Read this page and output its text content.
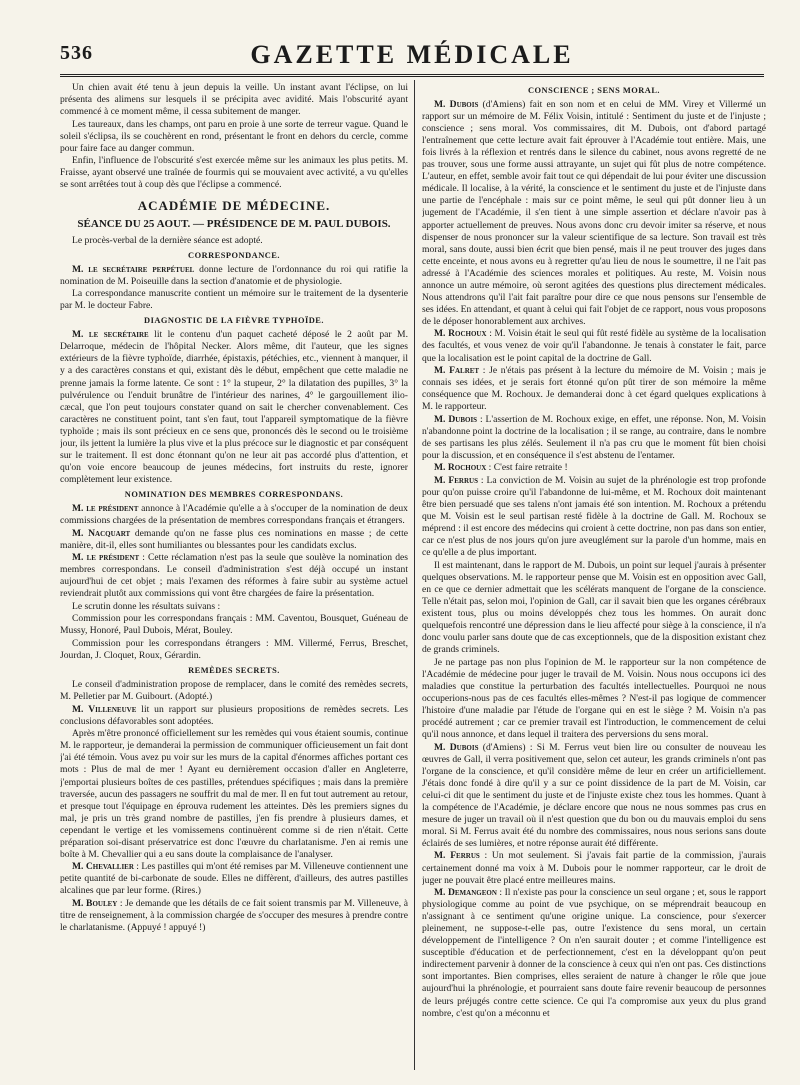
536	GAZETTE MÉDICALE

Un chien avait été tenu à jeun depuis la veille. Un instant avant l'éclipse, on lui présenta des alimens sur lesquels il se précipita avec avidité. Mais l'obscurité ayant commencé à ce moment même, il cessa subitement de manger.

Les taureaux, dans les champs, ont paru en proie à une sorte de terreur vague. Quand le soleil s'éclipsa, ils se couchèrent en rond, présentant le front en dehors du cercle, comme pour faire face au danger commun.

Enfin, l'influence de l'obscurité s'est exercée même sur les animaux les plus petits. M. Fraisse, ayant observé une traînée de fourmis qui se mouvaient avec activité, a vu qu'elles se sont arrêtées tout à coup dès que l'éclipse a commencé.

ACADÉMIE DE MÉDECINE.
SÉANCE DU 25 AOUT. — PRÉSIDENCE DE M. PAUL DUBOIS.

Le procès-verbal de la dernière séance est adopté.

CORRESPONDANCE.

M. le secrétaire perpétuel donne lecture de l'ordonnance du roi qui ratifie la nomination de M. Poiseuille dans la section d'anatomie et de physiologie.

La correspondance manuscrite contient un mémoire sur le traitement de la dysenterie par M. le docteur Fabre.

DIAGNOSTIC DE LA FIÈVRE TYPHOÏDE.

M. le secrétaire lit le contenu d'un paquet cacheté déposé le 2 août par M. Delarroque, médecin de l'hôpital Necker. Alors même, dit l'auteur, que les signes extérieurs de la fièvre typhoïde, diarrhée, épistaxis, pétéchies, etc., viennent à manquer, il y a des caractères constans et qui, existant dès le début, empêchent que cette maladie ne prenne jamais la forme latente. Ce sont : 1° la stupeur, 2° la dilatation des pupilles, 3° la pulvérulence ou l'enduit brunâtre de l'intérieur des narines, 4° le gargouillement ilio-cæcal, que l'on peut toujours constater quand on sait le chercher convenablement. Ces caractères ne constituent point, tant s'en faut, tout l'appareil symptomatique de la fièvre typhoïde ; mais ils sont précieux en ce sens que, prononcés dès le second ou le troisième jour, ils jettent la lumière la plus vive et la plus précoce sur le diagnostic et par conséquent sur le traitement. Il est donc étonnant qu'on ne leur ait pas accordé plus d'attention, et qu'on voie encore beaucoup de jeunes médecins, fort instruits du reste, ignorer complètement leur existence.

NOMINATION DES MEMBRES CORRESPONDANS.

M. le président annonce à l'Académie qu'elle a à s'occuper de la nomination de deux commissions chargées de la présentation de membres correspondans français et étrangers.

M. Nacquart demande qu'on ne fasse plus ces nominations en masse ; de cette manière, dit-il, elles sont humiliantes ou blessantes pour les candidats exclus.

M. le président : Cette réclamation n'est pas la seule que soulève la nomination des membres correspondans. Le conseil d'administration s'est déjà occupé un instant aujourd'hui de cet objet ; mais l'examen des réformes à faire subir au système actuel reviendrait plutôt aux commissions qui vont être chargées de faire la présentation.

Le scrutin donne les résultats suivans :

Commission pour les correspondans français : MM. Caventou, Bousquet, Guéneau de Mussy, Honoré, Paul Dubois, Mérat, Bouley.

Commission pour les correspondans étrangers : MM. Villermé, Ferrus, Breschet, Jourdan, J. Cloquet, Roux, Gérardin.

REMÈDES SECRETS.

Le conseil d'administration propose de remplacer, dans le comité des remèdes secrets, M. Pelletier par M. Guibourt. (Adopté.)

M. Villeneuve lit un rapport sur plusieurs propositions de remèdes secrets. Les conclusions défavorables sont adoptées.

Après m'être prononcé officiellement sur les remèdes qui vous étaient soumis, continue M. le rapporteur, je demanderai la permission de communiquer officieusement un fait dont j'ai été témoin. Vous avez pu voir sur les murs de la capital d'énormes affiches portant ces mots : Plus de mal de mer ! Ayant eu dernièrement occasion d'aller en Angleterre, j'emportai plusieurs boîtes de ces pastilles, prétendues spécifiques ; mais dans la première traversée, aucun des passagers ne souffrit du mal de mer. Il en fut tout autrement au retour, et presque tout l'équipage en éprouva rudement les atteintes. Dès les premiers signes du mal, je pris un très grand nombre de pastilles, j'en fis prendre à plusieurs dames, et cependant le vertige et les vomissemens continuèrent comme si de rien n'était. Cette préparation soi-disant préservatrice est donc l'œuvre du charlatanisme. J'en ai remis une boîte à M. Chevallier qui a eu sans doute la complaisance de l'analyser.

M. Chevallier : Les pastilles qui m'ont été remises par M. Villeneuve contiennent une petite quantité de bi-carbonate de soude. Elles ne diffèrent, d'ailleurs, des autres pastilles alcalines que par leur forme. (Rires.)

M. Bouley : Je demande que les détails de ce fait soient transmis par M. Villeneuve, à titre de renseignement, à la commission chargée de s'occuper des mesures à prendre contre le charlatanisme. (Appuyé ! appuyé !)

CONSCIENCE ; SENS MORAL.

M. Dubois (d'Amiens) fait en son nom et en celui de MM. Virey et Villermé un rapport sur un mémoire de M. Félix Voisin, intitulé : Sentiment du juste et de l'injuste ; conscience ; sens moral. Vos commissaires, dit M. Dubois, ont d'abord partagé l'entraînement que cette lecture avait fait éprouver à l'Académie tout entière. Mais, une fois livrés à la réflexion et rentrés dans le silence du cabinet, nous avons regretté de ne pas trouver, sous une forme aussi attrayante, un sujet qui fût plus de notre compétence. L'auteur, en effet, semble avoir fait tout ce qui dépendait de lui pour éviter une discussion médicale. Il localise, à la vérité, la conscience et le sentiment du juste et de l'injuste dans une partie de l'encéphale : mais sur ce point même, le seul qui pût donner lieu à un jugement de l'Académie, il s'en tient à une simple assertion et déclare n'avoir pas à apporter actuellement de preuves. Nous avons donc cru devoir imiter sa réserve, et nous dispenser de nous prononcer sur la valeur scientifique de sa lecture. Son travail est très moral, sans doute, aussi bien écrit que bien pensé, mais il ne peut trouver des juges dans cette enceinte, et nous avons eu à regretter qu'au lieu de nous le soumettre, il ne l'ait pas adressé à l'Académie des sciences morales et politiques. Au reste, M. Voisin nous annonce un autre mémoire, où seront agitées des questions plus directement médicales. Nous attendrons qu'il l'ait fait paraître pour dire ce que nous pensons sur l'ensemble de ses idées. En attendant, et quant à celui qui fait l'objet de ce rapport, nous vous proposons de le déposer honorablement aux archives.

M. Rochoux : M. Voisin était le seul qui fût resté fidèle au système de la localisation des facultés, et vous venez de voir qu'il l'abandonne. Je tenais à constater le fait, parce que la localisation est le point capital de la doctrine de Gall.

M. Falret : Je n'étais pas présent à la lecture du mémoire de M. Voisin ; mais je connais ses idées, et je serais fort étonné qu'on pût tirer de son mémoire la même conséquence que M. Rochoux. Je demanderai donc à cet égard quelques explications à M. le rapporteur.

M. Dubois : L'assertion de M. Rochoux exige, en effet, une réponse. Non, M. Voisin n'abandonne point la doctrine de la localisation ; il se range, au contraire, dans le nombre de ses partisans les plus zélés. Seulement il n'a pas cru que le moment fût bien choisi pour la discussion, et en conséquence il s'est abstenu de l'entamer.

M. Rochoux : C'est faire retraite !

M. Ferrus : La conviction de M. Voisin au sujet de la phrénologie est trop profonde pour qu'on puisse croire qu'il l'abandonne de lui-même, et M. Rochoux doit maintenant être bien persuadé que ses talens n'ont jamais été son intention. M. Rochoux a prétendu que M. Voisin est le seul partisan resté fidèle à la doctrine de Gall. M. Rochoux se méprend : il est encore des médecins qui croient à cette doctrine, non pas dans son entier, car ce n'est plus de nos jours qu'on jure aveuglément sur la parole d'un homme, mais en ce qu'elle a de plus important.

Il est maintenant, dans le rapport de M. Dubois, un point sur lequel j'aurais à présenter quelques observations. M. le rapporteur pense que M. Voisin est en opposition avec Gall, en ce que ce dernier admettait que les scélérats manquent de l'organe de la conscience. Telle n'était pas, selon moi, l'opinion de Gall, car il savait bien que les organes cérébraux existent tous, plus ou moins développés chez tous les hommes. On aurait donc quelquefois rencontré une dépression dans le lieu affecté pour siège à la conscience, il n'a donc voulu parler sans doute que de cas exceptionnels, que de la disposition existant chez de grands criminels.

Je ne partage pas non plus l'opinion de M. le rapporteur sur la non compétence de l'Académie de médecine pour juger le travail de M. Voisin. Nous nous occupons ici des maladies que constitue la perturbation des facultés intellectuelles. Pourquoi ne nous occuperions-nous pas de ces facultés elles-mêmes ? N'est-il pas logique de commencer l'histoire d'une maladie par l'étude de l'organe qui en est le siège ? M. Voisin n'a pas procédé autrement ; car ce premier travail est l'introduction, le commencement de celui qu'il nous annonce, et dans lequel il traitera des perversions du sens moral.

M. Dubois (d'Amiens) : Si M. Ferrus veut bien lire ou consulter de nouveau les œuvres de Gall, il verra positivement que, selon cet auteur, les grands criminels n'ont pas l'organe de la conscience, et qu'il considère même de leur en créer un artificiellement. J'étais donc fondé à dire qu'il y a sur ce point dissidence de la part de M. Voisin, car celui-ci dit que le sentiment du juste et de l'injuste existe chez tous les hommes. Quant à la compétence de l'Académie, je déclare encore que nous ne nous sommes pas crus en mesure de juger un travail où il n'est question que du bon ou du mauvais emploi du sens moral. Si M. Ferrus avait été du nombre des commissaires, nous nous serions sans doute éclairés de ses lumières, et notre réponse aurait été différente.

M. Ferrus : Un mot seulement. Si j'avais fait partie de la commission, j'aurais certainement donné ma voix à M. Dubois pour le nommer rapporteur, car le droit de juger ne pouvait être placé entre meilleures mains.

M. Demangeon : Il n'existe pas pour la conscience un seul organe ; et, sous le rapport physiologique comme au point de vue psychique, on se méprendrait beaucoup en n'assignant à ce sentiment qu'une origine unique. La conscience, pour s'exercer pleinement, ne suppose-t-elle pas, outre l'existence du sens moral, un certain développement de l'intelligence ? On n'en saurait douter ; et comme l'intelligence est susceptible d'éducation et de perfectionnement, c'est en la développant qu'on peut indirectement parvenir à donner de la conscience à ceux qui n'en ont pas. Ces distinctions sont importantes. Bien comprises, elles seraient de nature à changer le rôle que joue aujourd'hui la phrénologie, et pourraient sans doute faire revenir beaucoup de personnes de leurs préjugés contre cette science. Ce qui l'a compromise aux yeux du plus grand nombre, c'est qu'on a méconnu et
